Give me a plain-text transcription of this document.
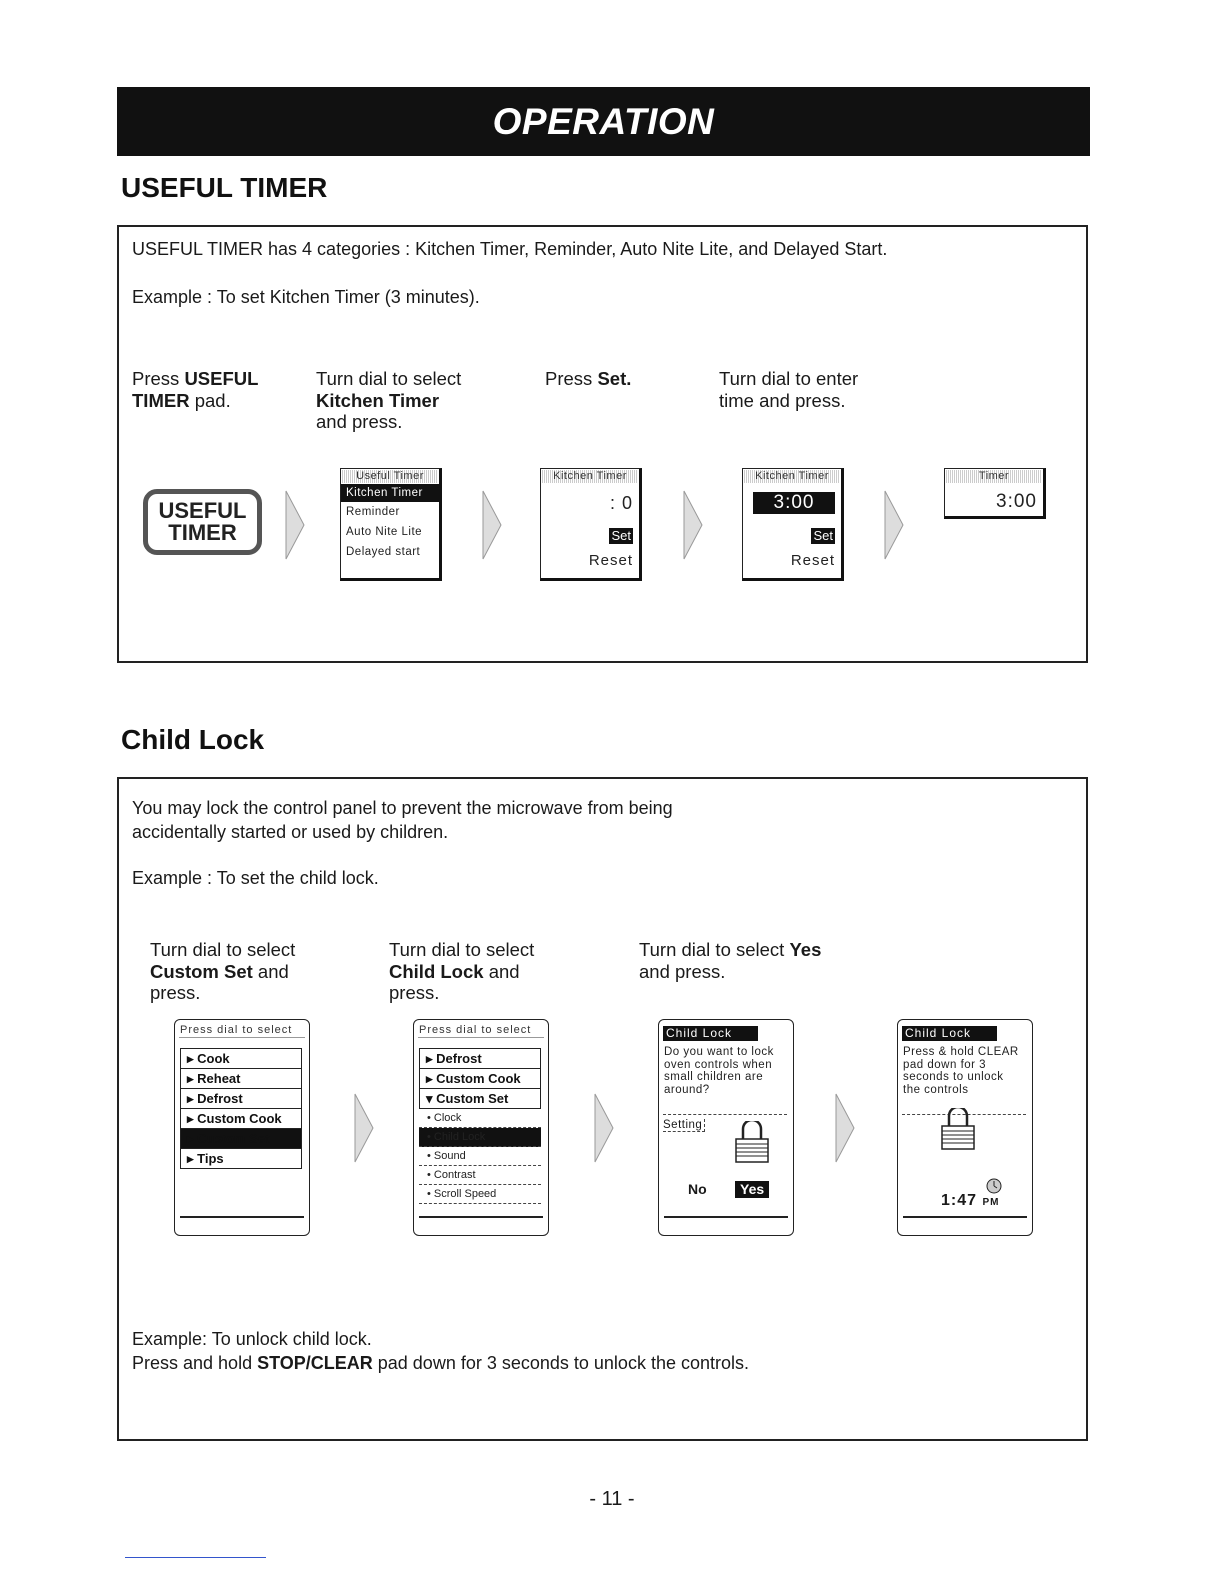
OPERATION
USEFUL TIMER
USEFUL TIMER has 4 categories : Kitchen Timer, Reminder, Auto Nite Lite, and Delayed Start.
Example : To set Kitchen Timer (3 minutes).
Press USEFUL
TIMER pad.
Turn dial to select
Kitchen Timer
and press.
Press Set.	Turn dial to enter
time and press.
USEFUL
TIMER
Useful Timer
Kitchen Timer
Reminder
Auto Nite Lite
Delayed start
Kitchen Timer
: 0
Set
Reset
Kitchen Timer
3:00
Set
Reset
Timer
3:00
Child Lock
You may lock the control panel to prevent the microwave from being
accidentally started or used by children.
Example : To set the child lock.
Turn dial to select
Custom Set and
press.
Turn dial to select
Child Lock and
press.
Turn dial to select Yes
and press.
Press dial to select
▸ Cook
▸ Reheat
▸ Defrost
▸ Custom Cook
▸ Custom Set
▸ Tips
Press dial to select
▸ Defrost
▸ Custom Cook
▾ Custom Set
• Clock
• Child Lock
• Sound
• Contrast
• Scroll Speed
Child Lock
Do you want to lock
oven controls when
small children are
around?
Setting
No	Yes
Child Lock
Press & hold CLEAR
pad down for 3
seconds to unlock
the controls
1:47 PM
Example: To unlock child lock.
Press and hold STOP/CLEAR pad down for 3 seconds to unlock the controls.
- 11 -
